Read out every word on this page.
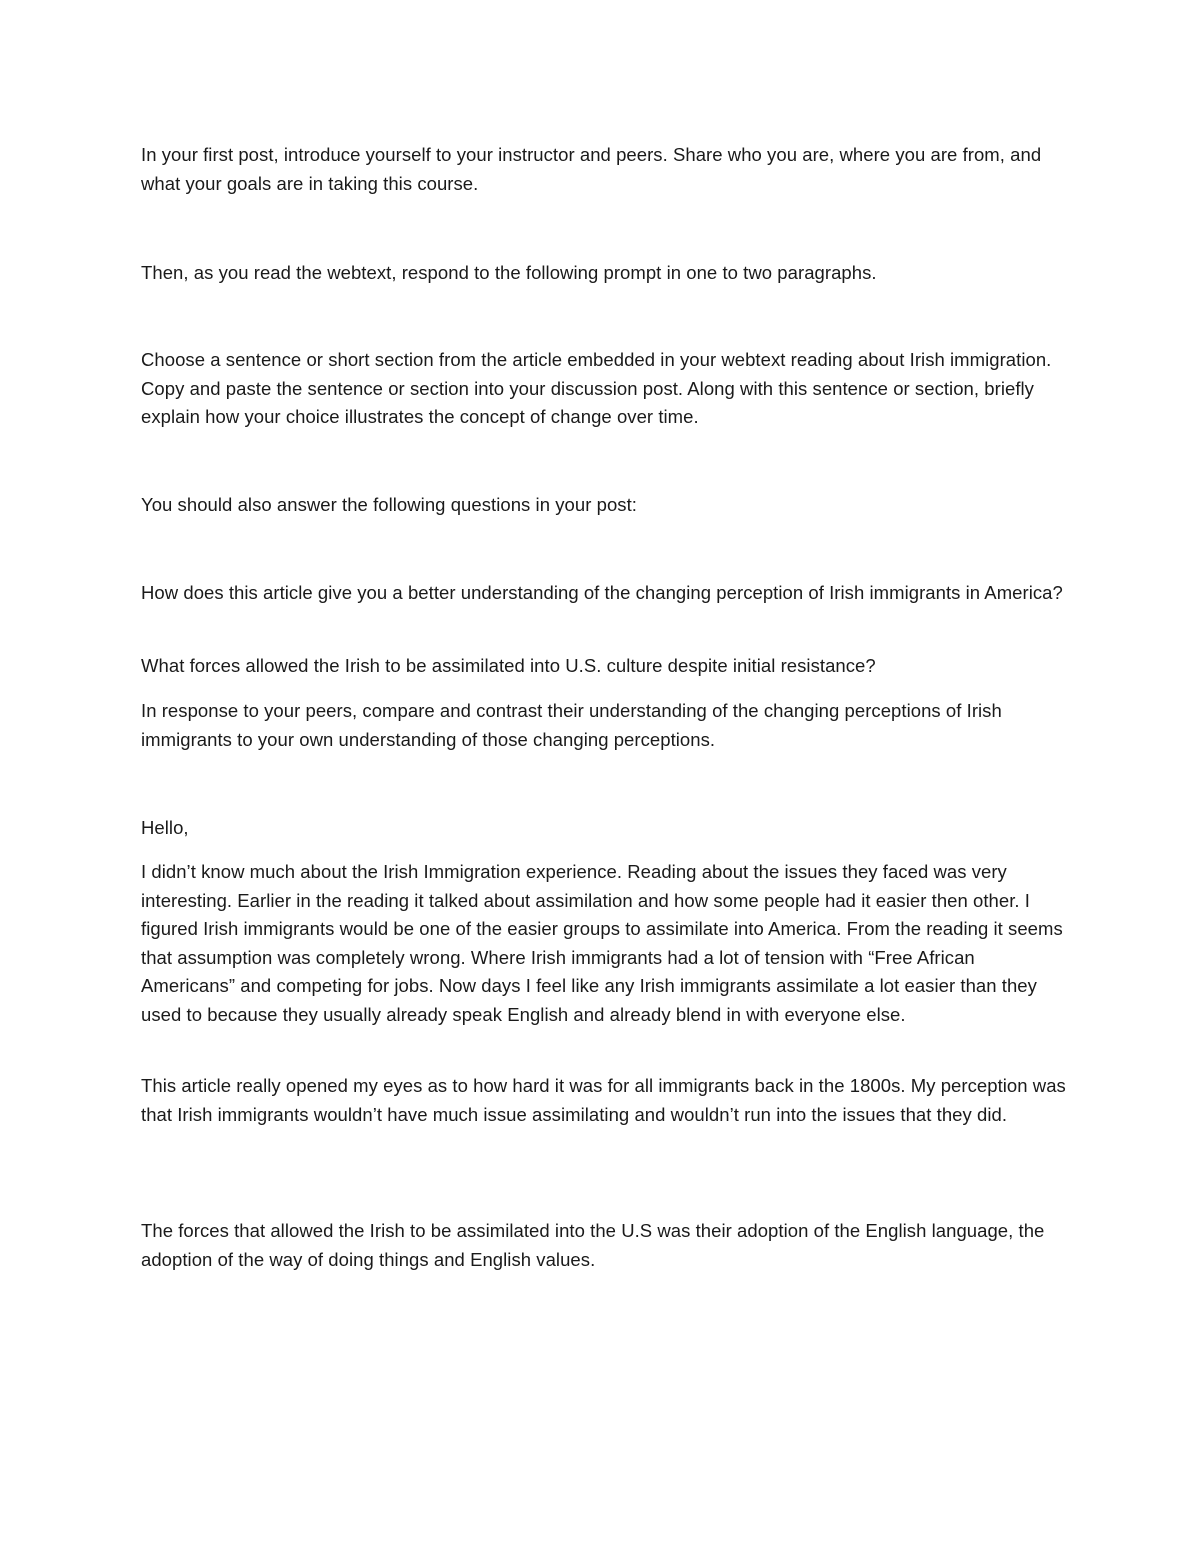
In your first post, introduce yourself to your instructor and peers. Share who you are, where you are from, and what your goals are in taking this course.

Then, as you read the webtext, respond to the following prompt in one to two paragraphs.

Choose a sentence or short section from the article embedded in your webtext reading about Irish immigration. Copy and paste the sentence or section into your discussion post. Along with this sentence or section, briefly explain how your choice illustrates the concept of change over time.

You should also answer the following questions in your post:

How does this article give you a better understanding of the changing perception of Irish immigrants in America?

What forces allowed the Irish to be assimilated into U.S. culture despite initial resistance?

In response to your peers, compare and contrast their understanding of the changing perceptions of Irish immigrants to your own understanding of those changing perceptions.

Hello,

I didn’t know much about the Irish Immigration experience. Reading about the issues they faced was very interesting. Earlier in the reading it talked about assimilation and how some people had it easier then other. I figured Irish immigrants would be one of the easier groups to assimilate into America. From the reading it seems that assumption was completely wrong. Where Irish immigrants had a lot of tension with “Free African Americans” and competing for jobs. Now days I feel like any Irish immigrants assimilate a lot easier than they used to because they usually already speak English and already blend in with everyone else.

This article really opened my eyes as to how hard it was for all immigrants back in the 1800s. My perception was that Irish immigrants wouldn’t have much issue assimilating and wouldn’t run into the issues that they did.

The forces that allowed the Irish to be assimilated into the U.S was their adoption of the English language, the adoption of the way of doing things and English values.
